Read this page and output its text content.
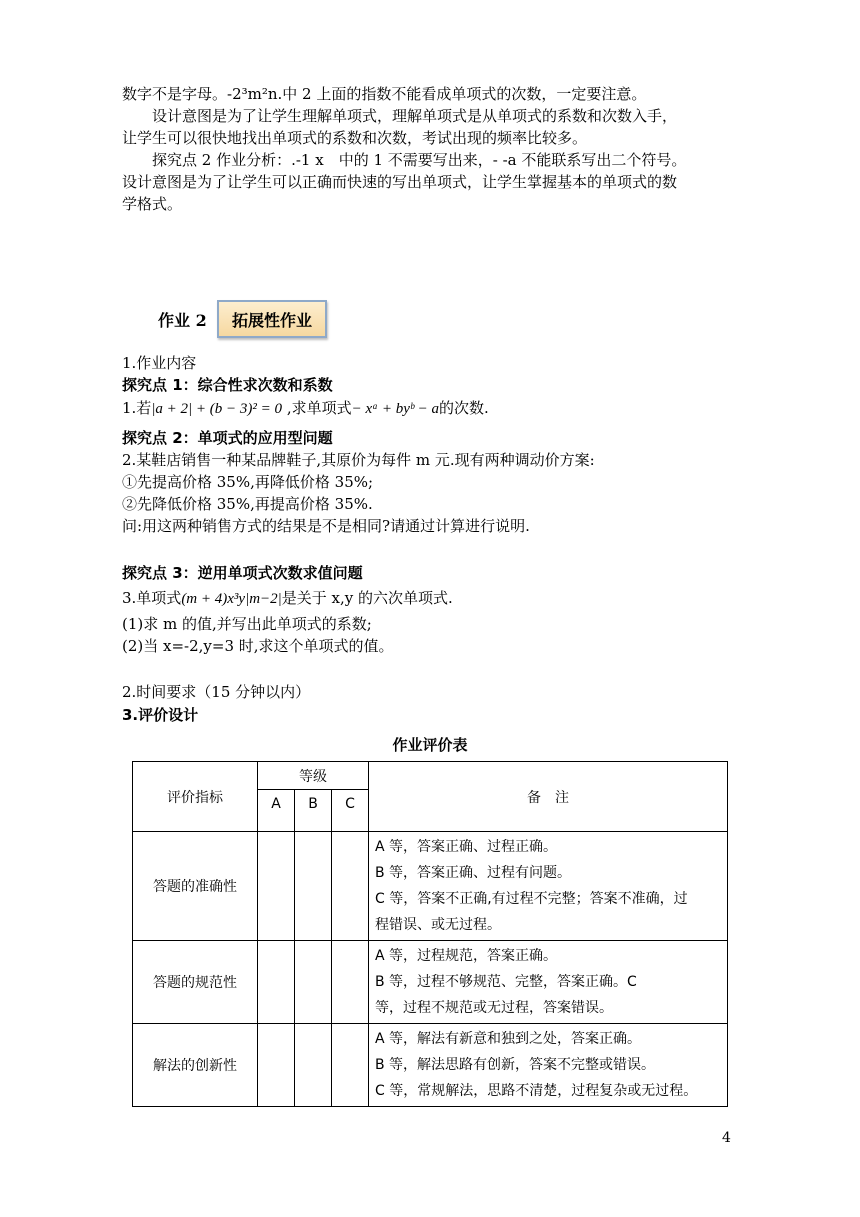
数字不是字母。-2³m²n.中 2 上面的指数不能看成单项式的次数，一定要注意。
设计意图是为了让学生理解单项式，理解单项式是从单项式的系数和次数入手，
让学生可以很快地找出单项式的系数和次数，考试出现的频率比较多。
探究点 2 作业分析：.-1 x　中的 1 不需要写出来，- -a 不能联系写出二个符号。
设计意图是为了让学生可以正确而快速的写出单项式，让学生掌握基本的单项式的数
学格式。
作业 2	拓展性作业
1.作业内容
探究点 1：综合性求次数和系数
1.若|a + 2| + (b − 3)² = 0 ,求单项式− xᵃ + byᵇ − a的次数.
探究点 2：单项式的应用型问题
2.某鞋店销售一种某品牌鞋子,其原价为每件 m 元.现有两种调动价方案:
①先提高价格 35%,再降低价格 35%;
②先降低价格 35%,再提高价格 35%.
问:用这两种销售方式的结果是不是相同?请通过计算进行说明.
探究点 3：逆用单项式次数求值问题
3.单项式(m + 4)x³y|m−2|是关于 x,y 的六次单项式.
(1)求 m 的值,并写出此单项式的系数;
(2)当 x=-2,y=3 时,求这个单项式的值。
2.时间要求（15 分钟以内）
3.评价设计
作业评价表
评价指标	等级			备　注
	A	B	C	
答题的准确性				A 等，答案正确、过程正确。
B 等，答案正确、过程有问题。
C 等，答案不正确,有过程不完整；答案不准确，过
程错误、或无过程。

答题的规范性				A 等，过程规范，答案正确。
B 等，过程不够规范、完整，答案正确。C
等，过程不规范或无过程，答案错误。

解法的创新性				A 等，解法有新意和独到之处，答案正确。
B 等，解法思路有创新，答案不完整或错误。
C 等，常规解法，思路不清楚，过程复杂或无过程。
4
